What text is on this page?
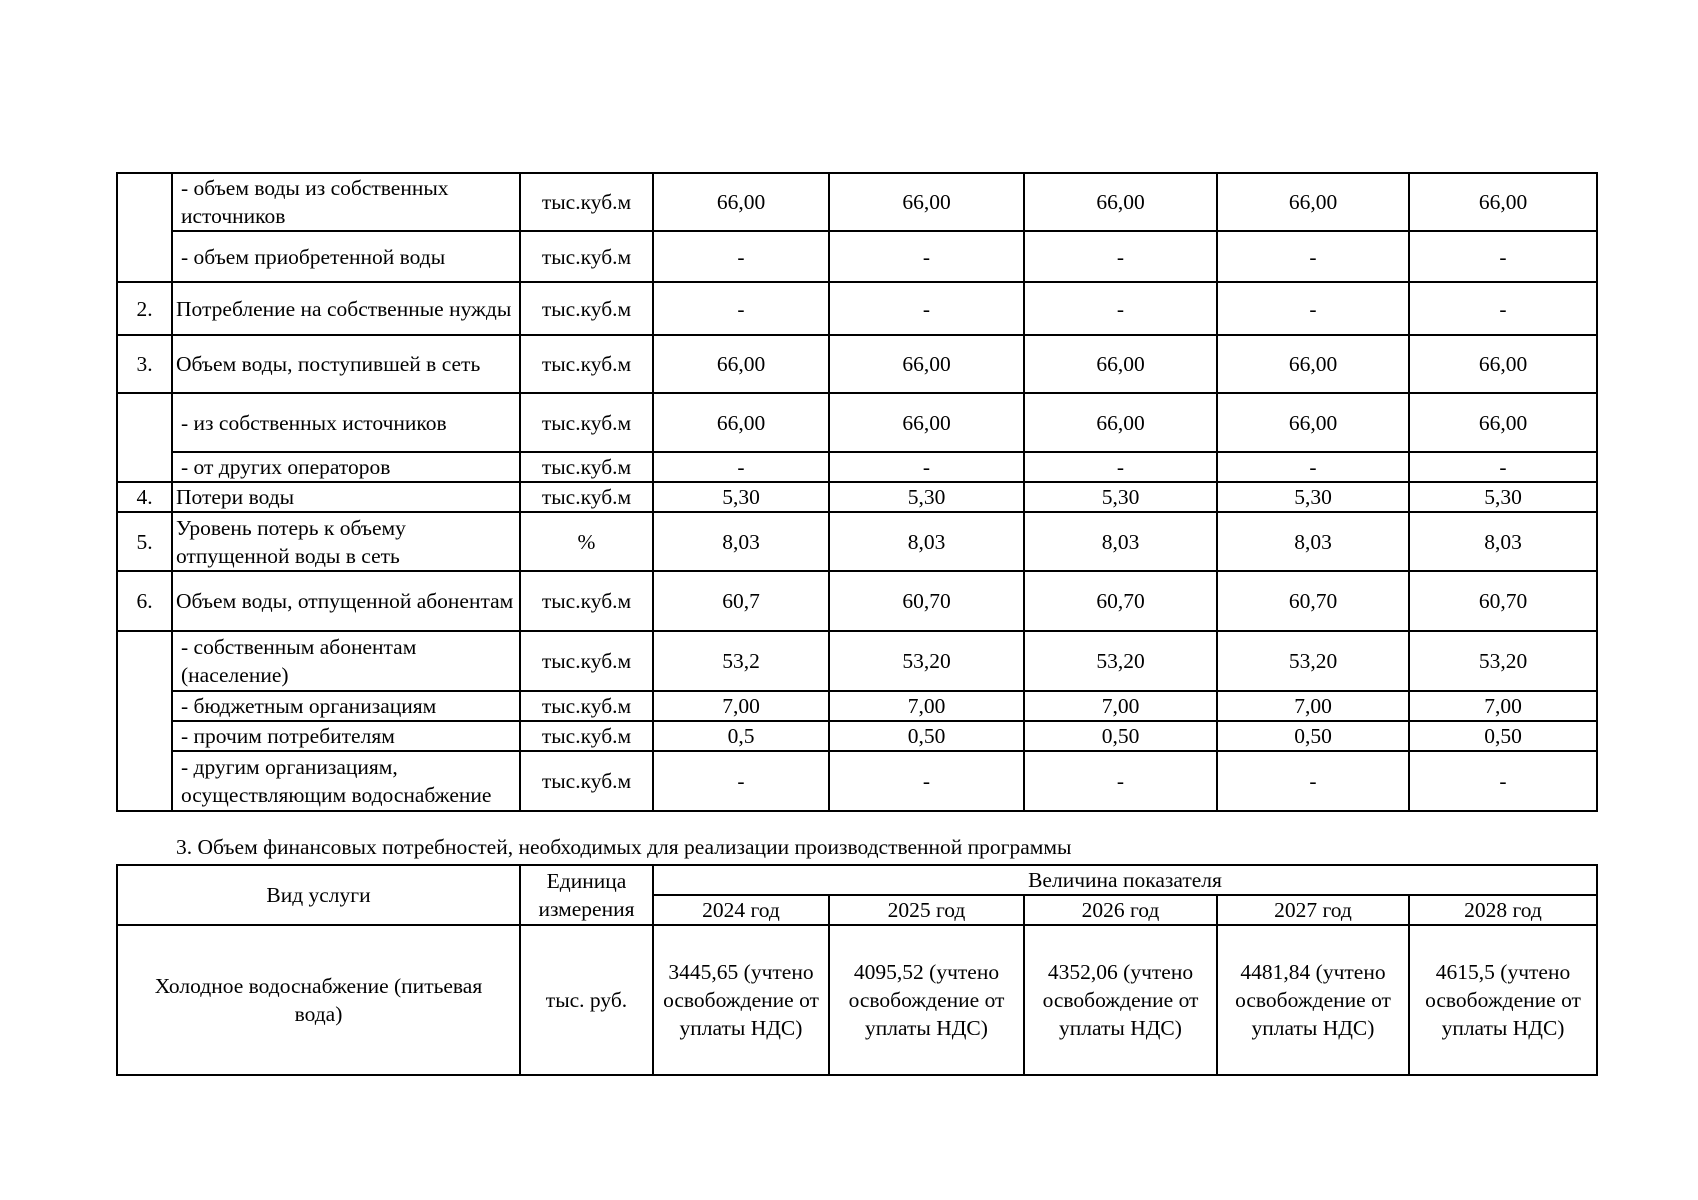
	- объем воды из собственных источников	тыс.куб.м	66,00	66,00	66,00	66,00	66,00
	- объем приобретенной воды	тыс.куб.м	-	-	-	-	-
2.	Потребление на собственные нужды	тыс.куб.м	-	-	-	-	-
3.	Объем воды, поступившей в сеть	тыс.куб.м	66,00	66,00	66,00	66,00	66,00
	- из собственных источников	тыс.куб.м	66,00	66,00	66,00	66,00	66,00
	- от других операторов	тыс.куб.м	-	-	-	-	-
4.	Потери воды	тыс.куб.м	5,30	5,30	5,30	5,30	5,30
5.	Уровень потерь к объему отпущенной воды в сеть	%	8,03	8,03	8,03	8,03	8,03
6.	Объем воды, отпущенной абонентам	тыс.куб.м	60,7	60,70	60,70	60,70	60,70
	- собственным абонентам (население)	тыс.куб.м	53,2	53,20	53,20	53,20	53,20
	- бюджетным организациям	тыс.куб.м	7,00	7,00	7,00	7,00	7,00
	- прочим потребителям	тыс.куб.м	0,5	0,50	0,50	0,50	0,50
	- другим организациям, осуществляющим водоснабжение	тыс.куб.м	-	-	-	-	-
3. Объем финансовых потребностей, необходимых для реализации производственной программы
Вид услуги	Единица измерения	Величина показателя				
		2024 год	2025 год	2026 год	2027 год	2028 год
Холодное водоснабжение (питьевая вода)	тыс. руб.	3445,65 (учтено освобождение от уплаты НДС)	4095,52 (учтено освобождение от уплаты НДС)	4352,06 (учтено освобождение от уплаты НДС)	4481,84 (учтено освобождение от уплаты НДС)	4615,5 (учтено освобождение от уплаты НДС)
